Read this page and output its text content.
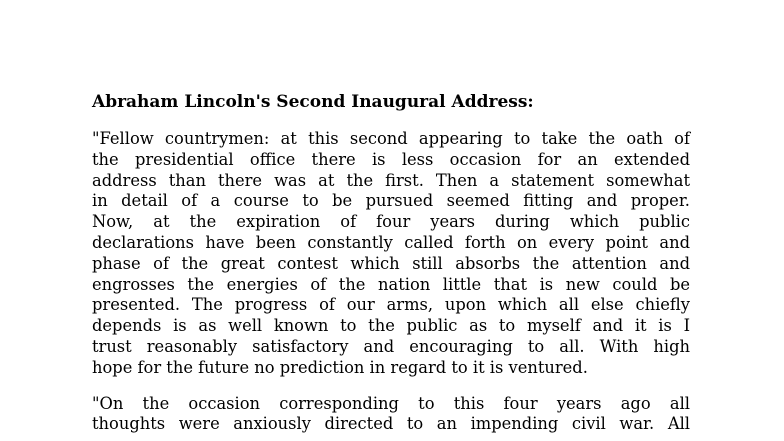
Abraham Lincoln's Second Inaugural Address:
"Fellow countrymen: at this second appearing to take the oath of
the presidential office there is less occasion for an extended
address than there was at the first. Then a statement somewhat
in detail of a course to be pursued seemed fitting and proper.
Now, at the expiration of four years during which public
declarations have been constantly called forth on every point and
phase of the great contest which still absorbs the attention and
engrosses the energies of the nation little that is new could be
presented. The progress of our arms, upon which all else chiefly
depends is as well known to the public as to myself and it is I
trust reasonably satisfactory and encouraging to all. With high
hope for the future no prediction in regard to it is ventured.
"On the occasion corresponding to this four years ago all
thoughts were anxiously directed to an impending civil war. All
